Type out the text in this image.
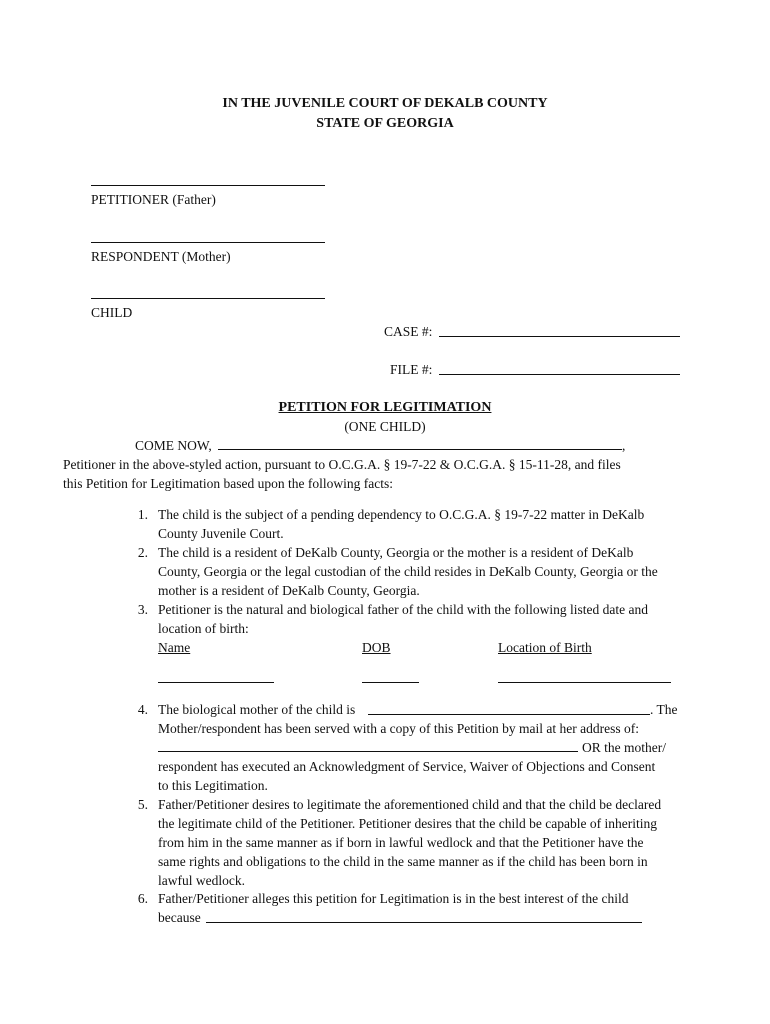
IN THE JUVENILE COURT OF DEKALB COUNTY
STATE OF GEORGIA
PETITIONER (Father)
RESPONDENT (Mother)
CHILD
CASE #:
FILE #:
PETITION FOR LEGITIMATION
(ONE CHILD)
COME NOW,	,
Petitioner in the above-styled action, pursuant to O.C.G.A. § 19-7-22 & O.C.G.A. § 15-11-28, and files
this Petition for Legitimation based upon the following facts:
1. The child is the subject of a pending dependency to O.C.G.A. § 19-7-22 matter in DeKalb
County Juvenile Court.
2. The child is a resident of DeKalb County, Georgia or the mother is a resident of DeKalb
County, Georgia or the legal custodian of the child resides in DeKalb County, Georgia or the
mother is a resident of DeKalb County, Georgia.
3. Petitioner is the natural and biological father of the child with the following listed date and
location of birth:
Name	DOB	Location of Birth
4. The biological mother of the child is	. The
Mother/respondent has been served with a copy of this Petition by mail at her address of:
OR the mother/
respondent has executed an Acknowledgment of Service, Waiver of Objections and Consent
to this Legitimation.
5. Father/Petitioner desires to legitimate the aforementioned child and that the child be declared
the legitimate child of the Petitioner. Petitioner desires that the child be capable of inheriting
from him in the same manner as if born in lawful wedlock and that the Petitioner have the
same rights and obligations to the child in the same manner as if the child has been born in
lawful wedlock.
6. Father/Petitioner alleges this petition for Legitimation is in the best interest of the child
because
